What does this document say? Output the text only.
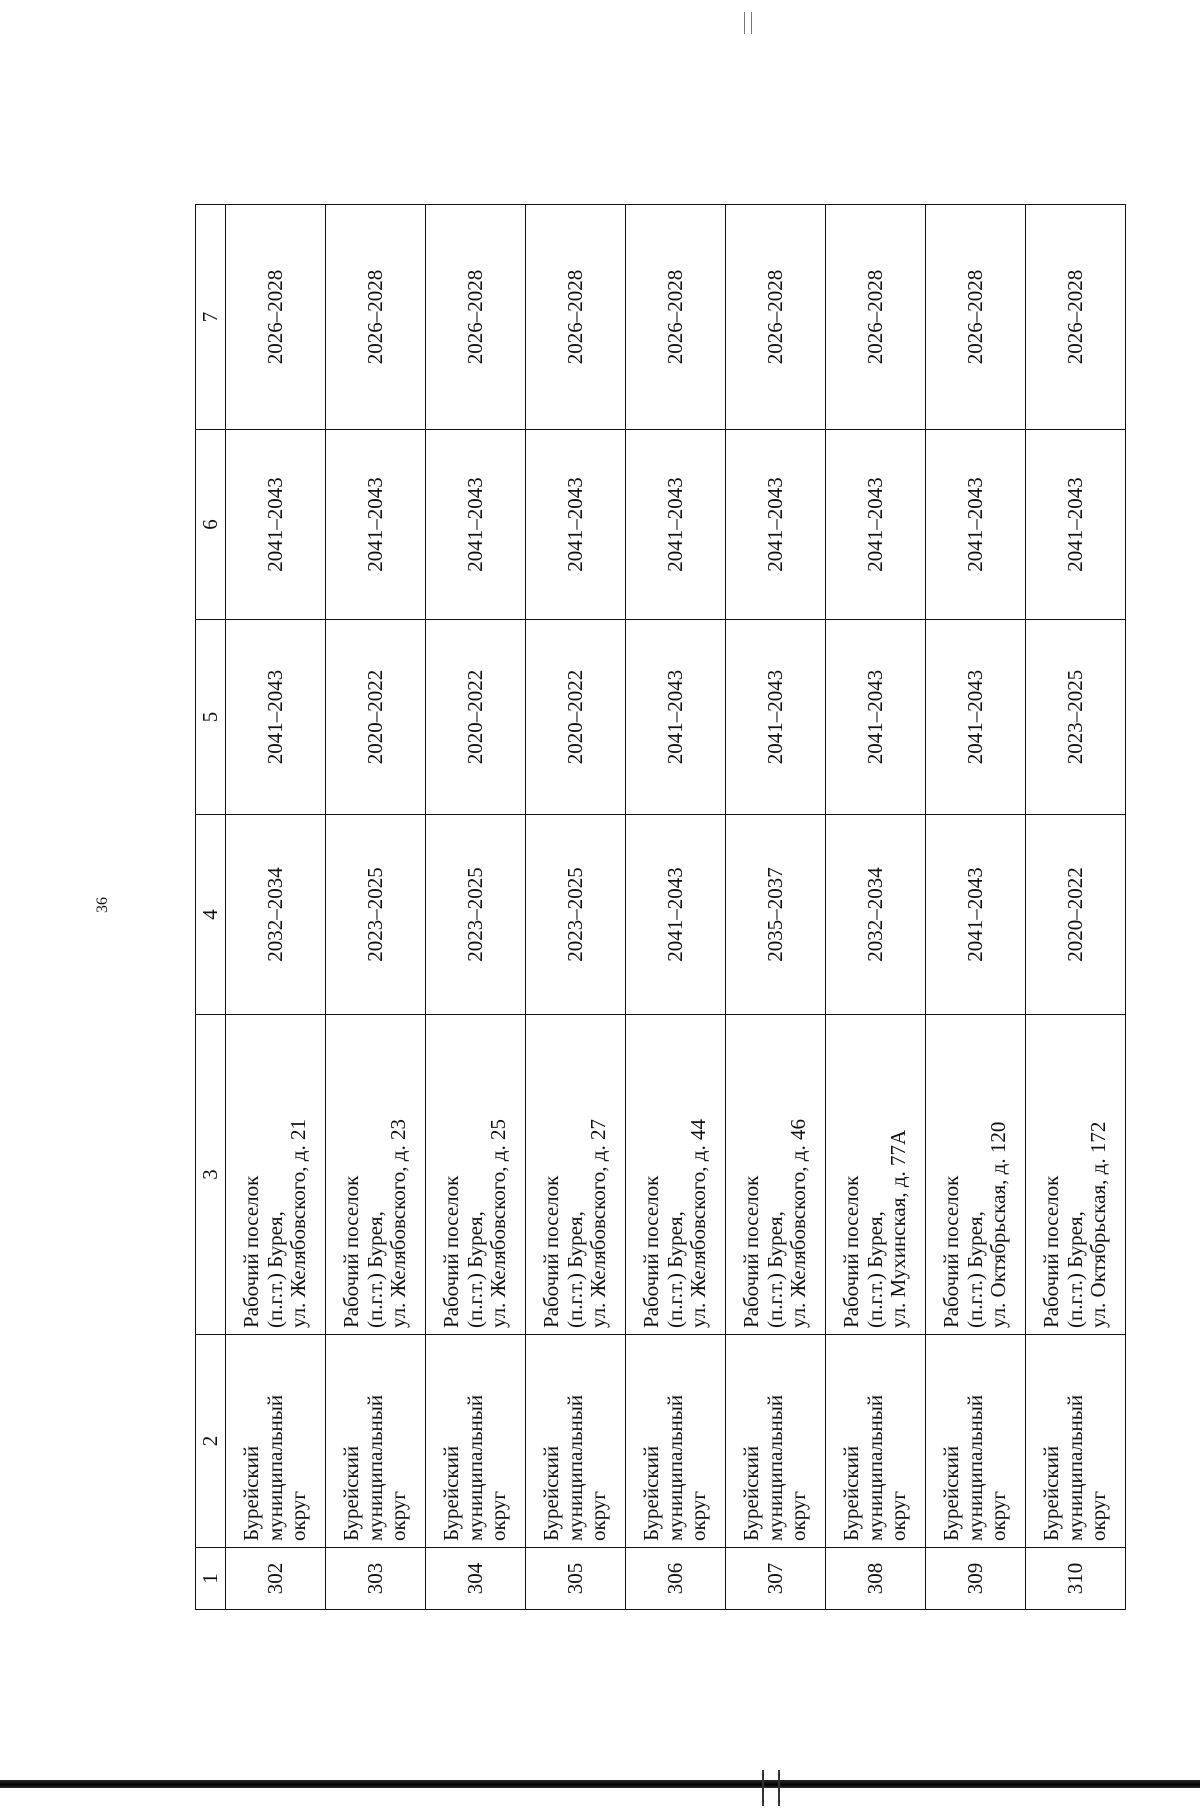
36
1	2	3	4	5	6	7
302	Бурейский муниципальный округ	Рабочий поселок (п.г.т.) Бурея, ул. Желябовского, д. 21	2032–2034	2041–2043	2041–2043	2026–2028
303	Бурейский муниципальный округ	Рабочий поселок (п.г.т.) Бурея, ул. Желябовского, д. 23	2023–2025	2020–2022	2041–2043	2026–2028
304	Бурейский муниципальный округ	Рабочий поселок (п.г.т.) Бурея, ул. Желябовского, д. 25	2023–2025	2020–2022	2041–2043	2026–2028
305	Бурейский муниципальный округ	Рабочий поселок (п.г.т.) Бурея, ул. Желябовского, д. 27	2023–2025	2020–2022	2041–2043	2026–2028
306	Бурейский муниципальный округ	Рабочий поселок (п.г.т.) Бурея, ул. Желябовского, д. 44	2041–2043	2041–2043	2041–2043	2026–2028
307	Бурейский муниципальный округ	Рабочий поселок (п.г.т.) Бурея, ул. Желябовского, д. 46	2035–2037	2041–2043	2041–2043	2026–2028
308	Бурейский муниципальный округ	Рабочий поселок (п.г.т.) Бурея, ул. Мухинская, д. 77А	2032–2034	2041–2043	2041–2043	2026–2028
309	Бурейский муниципальный округ	Рабочий поселок (п.г.т.) Бурея, ул. Октябрьская, д. 120	2041–2043	2041–2043	2041–2043	2026–2028
310	Бурейский муниципальный округ	Рабочий поселок (п.г.т.) Бурея, ул. Октябрьская, д. 172	2020–2022	2023–2025	2041–2043	2026–2028
